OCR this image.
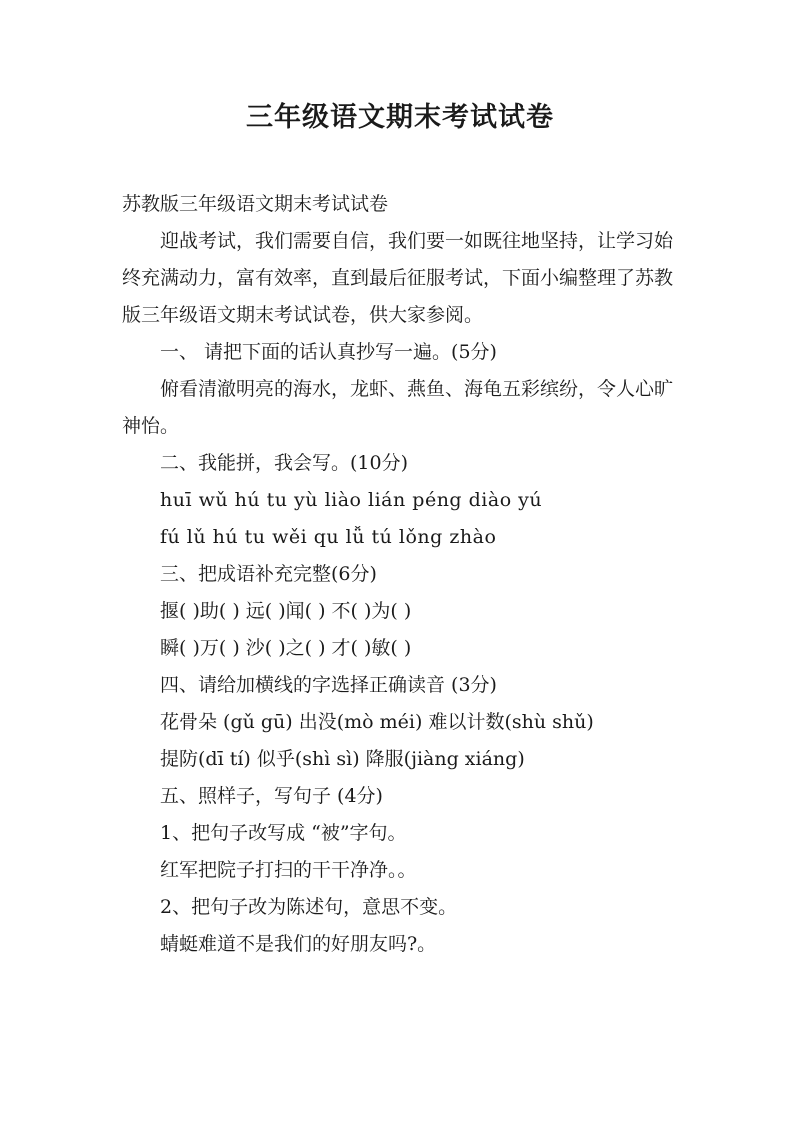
三年级语文期末考试试卷

苏教版三年级语文期末考试试卷

迎战考试，我们需要自信，我们要一如既往地坚持，让学习始终充满动力，富有效率，直到最后征服考试，下面小编整理了苏教版三年级语文期末考试试卷，供大家参阅。

一、 请把下面的话认真抄写一遍。(5分)

俯看清澈明亮的海水，龙虾、燕鱼、海龟五彩缤纷，令人心旷神怡。

二、我能拼，我会写。(10分)

huī wǔ hú tu yù liào lián péng diào yú

fú lǔ hú tu wěi qu lǚ tú lǒng zhào

三、把成语补充完整(6分)

揠( )助( ) 远( )闻( ) 不( )为( )

瞬( )万( ) 沙( )之( ) 才( )敏( )

四、请给加横线的字选择正确读音 (3分)

花骨朵 (gǔ gū) 出没(mò méi) 难以计数(shù shǔ)

提防(dī tí) 似乎(shì sì) 降服(jiàng xiáng)

五、照样子，写句子 (4分)

1、把句子改写成 “被”字句。

红军把院子打扫的干干净净。。

2、把句子改为陈述句，意思不变。

蜻蜓难道不是我们的好朋友吗?。
